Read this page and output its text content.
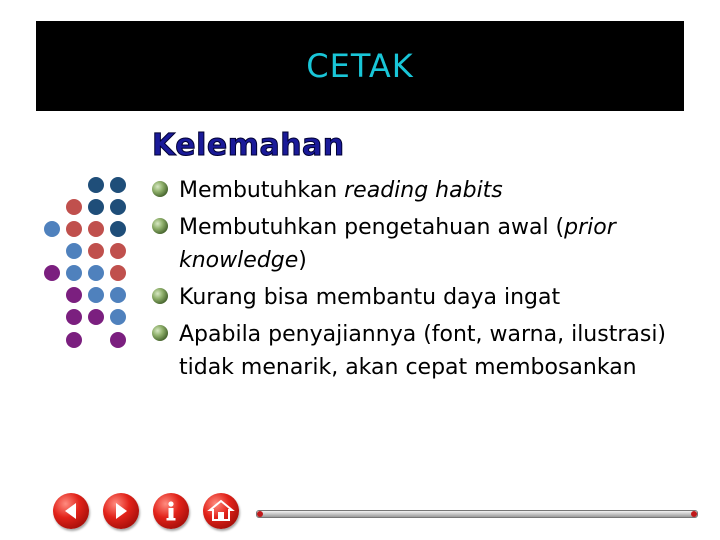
CETAK
Kelemahan
Membutuhkan reading habits
Membutuhkan pengetahuan awal (prior knowledge)
Kurang bisa membantu daya ingat
Apabila penyajiannya (font, warna, ilustrasi) tidak menarik, akan cepat membosankan
